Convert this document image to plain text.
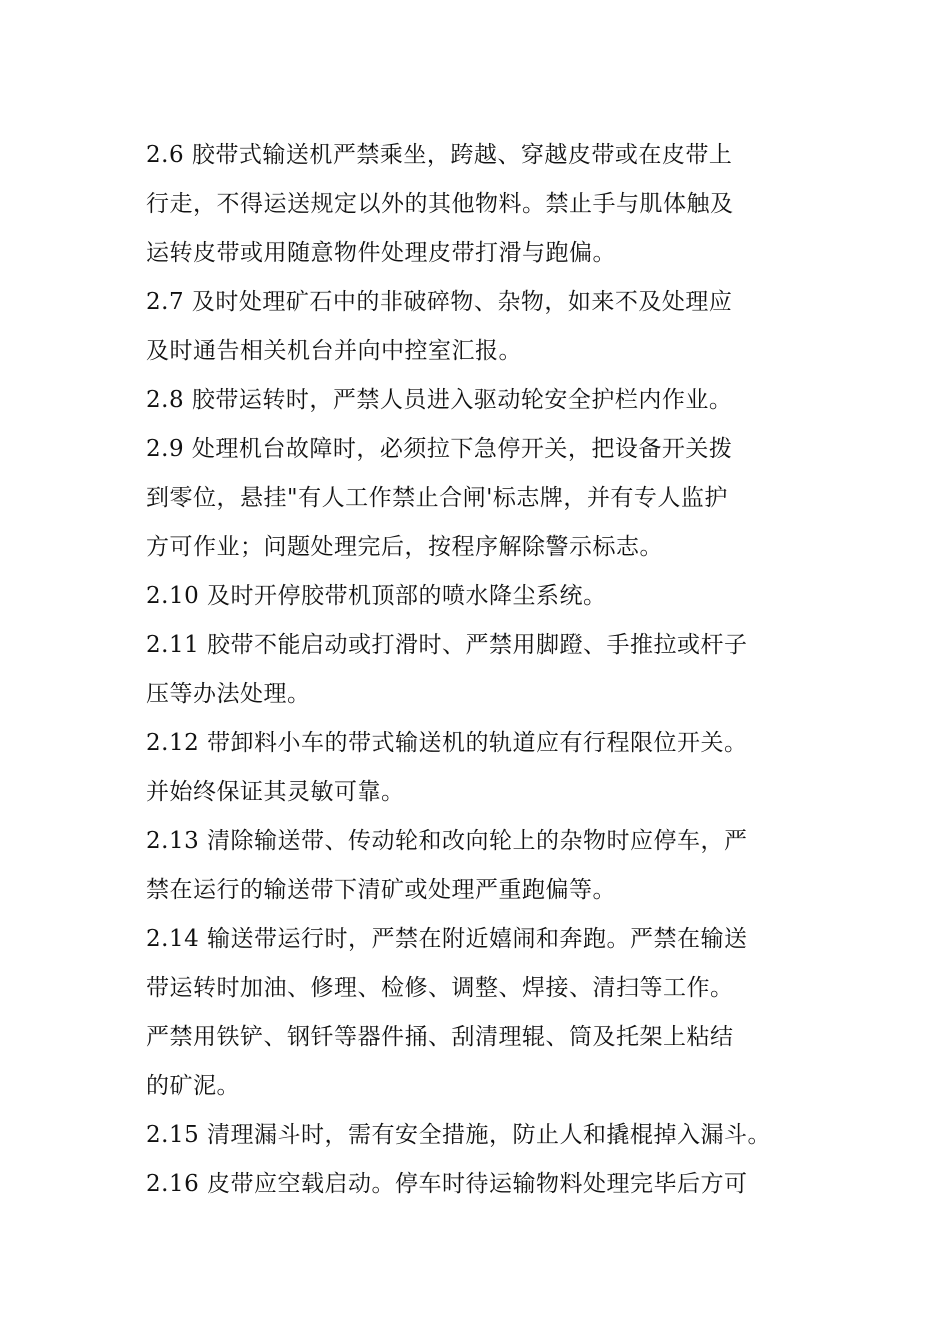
2.6 胶带式输送机严禁乘坐，跨越、穿越皮带或在皮带上
行走，不得运送规定以外的其他物料。禁止手与肌体触及
运转皮带或用随意物件处理皮带打滑与跑偏。
2.7 及时处理矿石中的非破碎物、杂物，如来不及处理应
及时通告相关机台并向中控室汇报。
2.8 胶带运转时，严禁人员进入驱动轮安全护栏内作业。
2.9 处理机台故障时，必须拉下急停开关，把设备开关拨
到零位，悬挂"有人工作禁止合闸'标志牌，并有专人监护
方可作业；问题处理完后，按程序解除警示标志。
2.10 及时开停胶带机顶部的喷水降尘系统。
2.11 胶带不能启动或打滑时、严禁用脚蹬、手推拉或杆子
压等办法处理。
2.12 带卸料小车的带式输送机的轨道应有行程限位开关。
并始终保证其灵敏可靠。
2.13 清除输送带、传动轮和改向轮上的杂物时应停车，严
禁在运行的输送带下清矿或处理严重跑偏等。
2.14 输送带运行时，严禁在附近嬉闹和奔跑。严禁在输送
带运转时加油、修理、检修、调整、焊接、清扫等工作。
严禁用铁铲、钢钎等器件捅、刮清理辊、筒及托架上粘结
的矿泥。
2.15 清理漏斗时，需有安全措施，防止人和撬棍掉入漏斗。
2.16 皮带应空载启动。停车时待运输物料处理完毕后方可
